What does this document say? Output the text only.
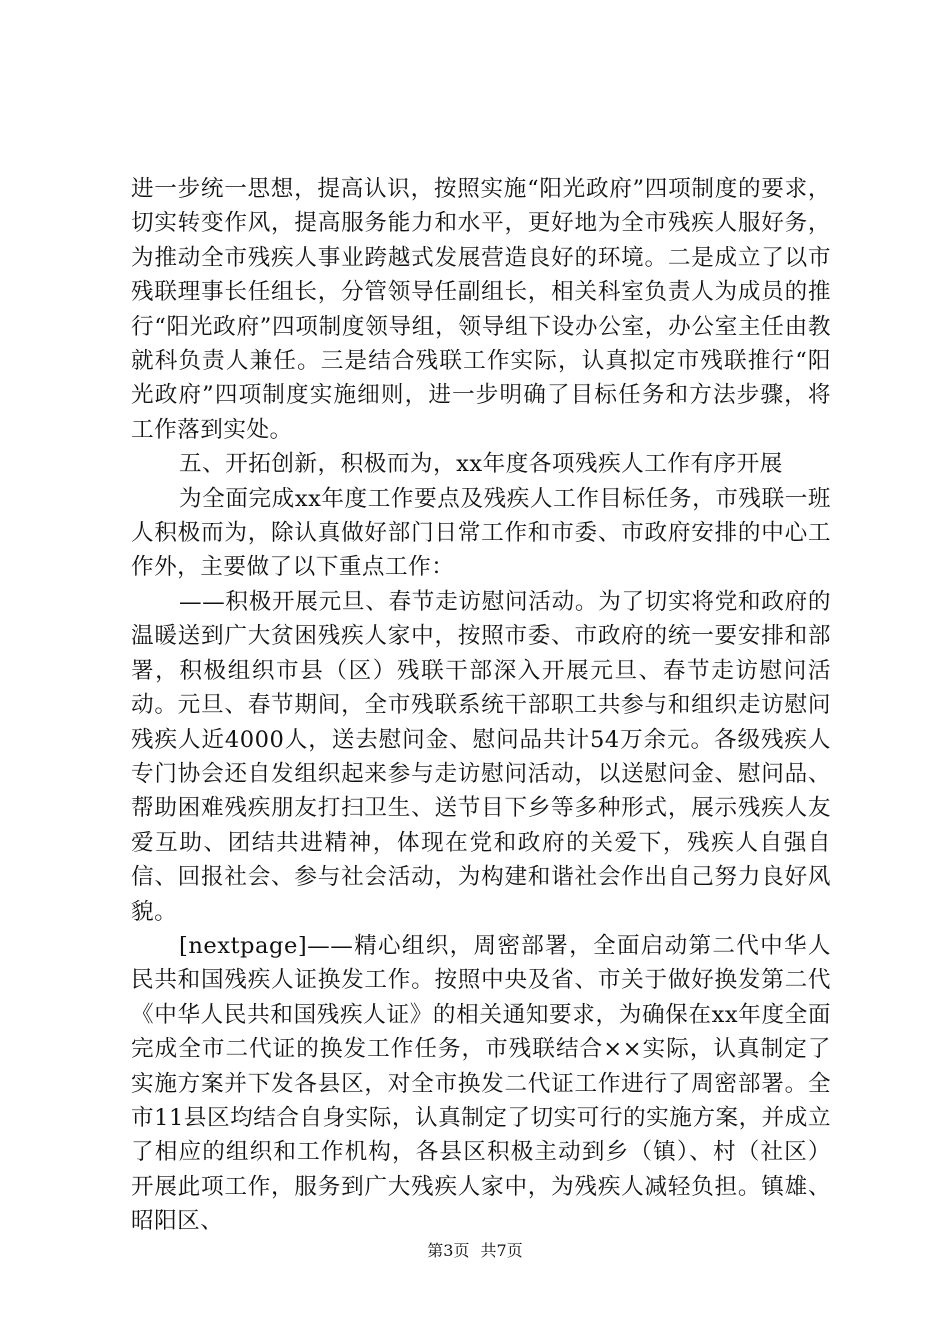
进一步统一思想，提高认识，按照实施“阳光政府”四项制度的要求，切实转变作风，提高服务能力和水平，更好地为全市残疾人服好务，为推动全市残疾人事业跨越式发展营造良好的环境。二是成立了以市残联理事长任组长，分管领导任副组长，相关科室负责人为成员的推行“阳光政府”四项制度领导组，领导组下设办公室，办公室主任由教就科负责人兼任。三是结合残联工作实际，认真拟定市残联推行“阳光政府”四项制度实施细则，进一步明确了目标任务和方法步骤，将工作落到实处。

五、开拓创新，积极而为，xx年度各项残疾人工作有序开展

为全面完成xx年度工作要点及残疾人工作目标任务，市残联一班人积极而为，除认真做好部门日常工作和市委、市政府安排的中心工作外，主要做了以下重点工作：

——积极开展元旦、春节走访慰问活动。为了切实将党和政府的温暖送到广大贫困残疾人家中，按照市委、市政府的统一要安排和部署，积极组织市县（区）残联干部深入开展元旦、春节走访慰问活动。元旦、春节期间，全市残联系统干部职工共参与和组织走访慰问残疾人近4000人，送去慰问金、慰问品共计54万余元。各级残疾人专门协会还自发组织起来参与走访慰问活动，以送慰问金、慰问品、帮助困难残疾朋友打扫卫生、送节目下乡等多种形式，展示残疾人友爱互助、团结共进精神，体现在党和政府的关爱下，残疾人自强自信、回报社会、参与社会活动，为构建和谐社会作出自己努力良好风貌。

[nextpage]——精心组织，周密部署，全面启动第二代中华人民共和国残疾人证换发工作。按照中央及省、市关于做好换发第二代《中华人民共和国残疾人证》的相关通知要求，为确保在xx年度全面完成全市二代证的换发工作任务，市残联结合××实际，认真制定了实施方案并下发各县区，对全市换发二代证工作进行了周密部署。全市11县区均结合自身实际，认真制定了切实可行的实施方案，并成立了相应的组织和工作机构，各县区积极主动到乡（镇）、村（社区）开展此项工作，服务到广大残疾人家中，为残疾人减轻负担。镇雄、昭阳区、

第3页 共7页
